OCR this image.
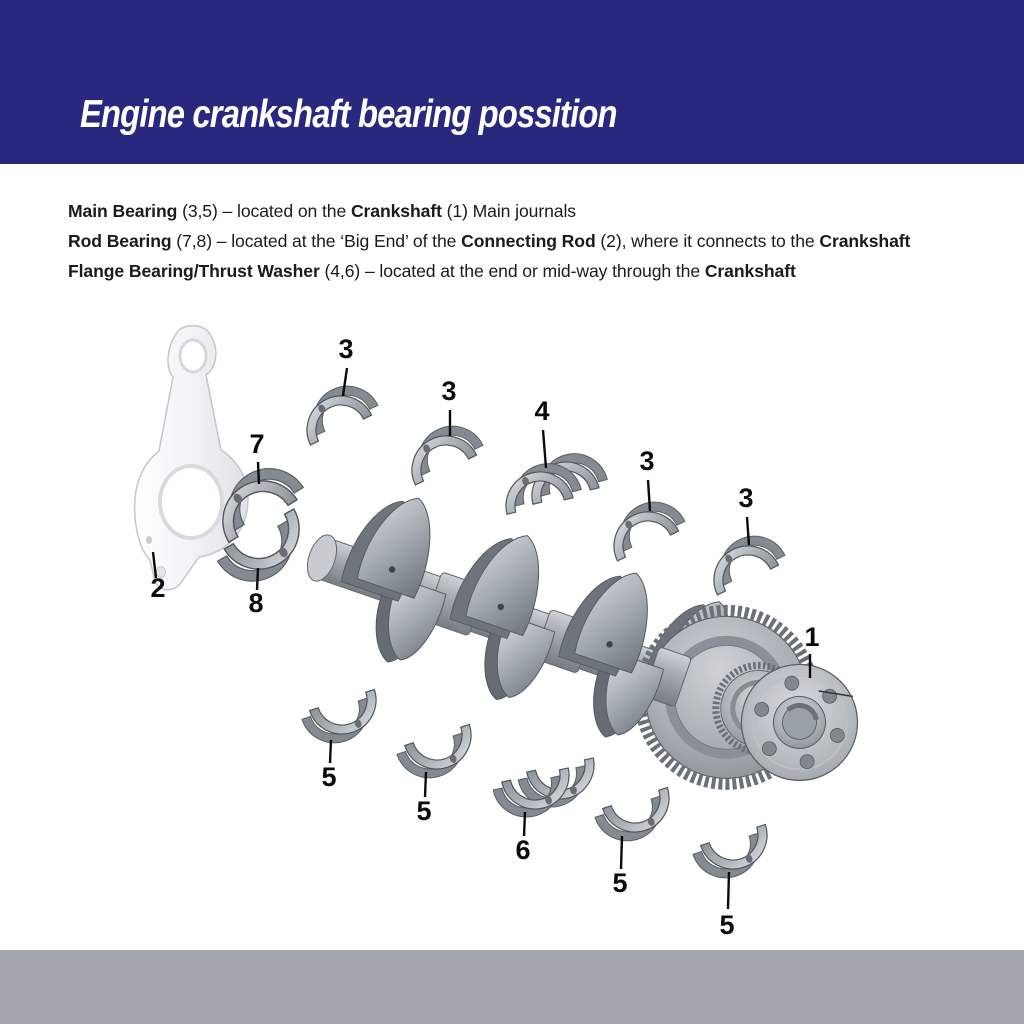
Engine crankshaft bearing possition
Main Bearing (3,5) – located on the Crankshaft (1) Main journals
Rod Bearing (7,8) – located at the ‘Big End’ of the Connecting Rod (2), where it connects to the Crankshaft
Flange Bearing/Thrust Washer (4,6) – located at the end or mid-way through the Crankshaft
1
2
3
3
4
3
3
7
8
5
5
6
5
5
